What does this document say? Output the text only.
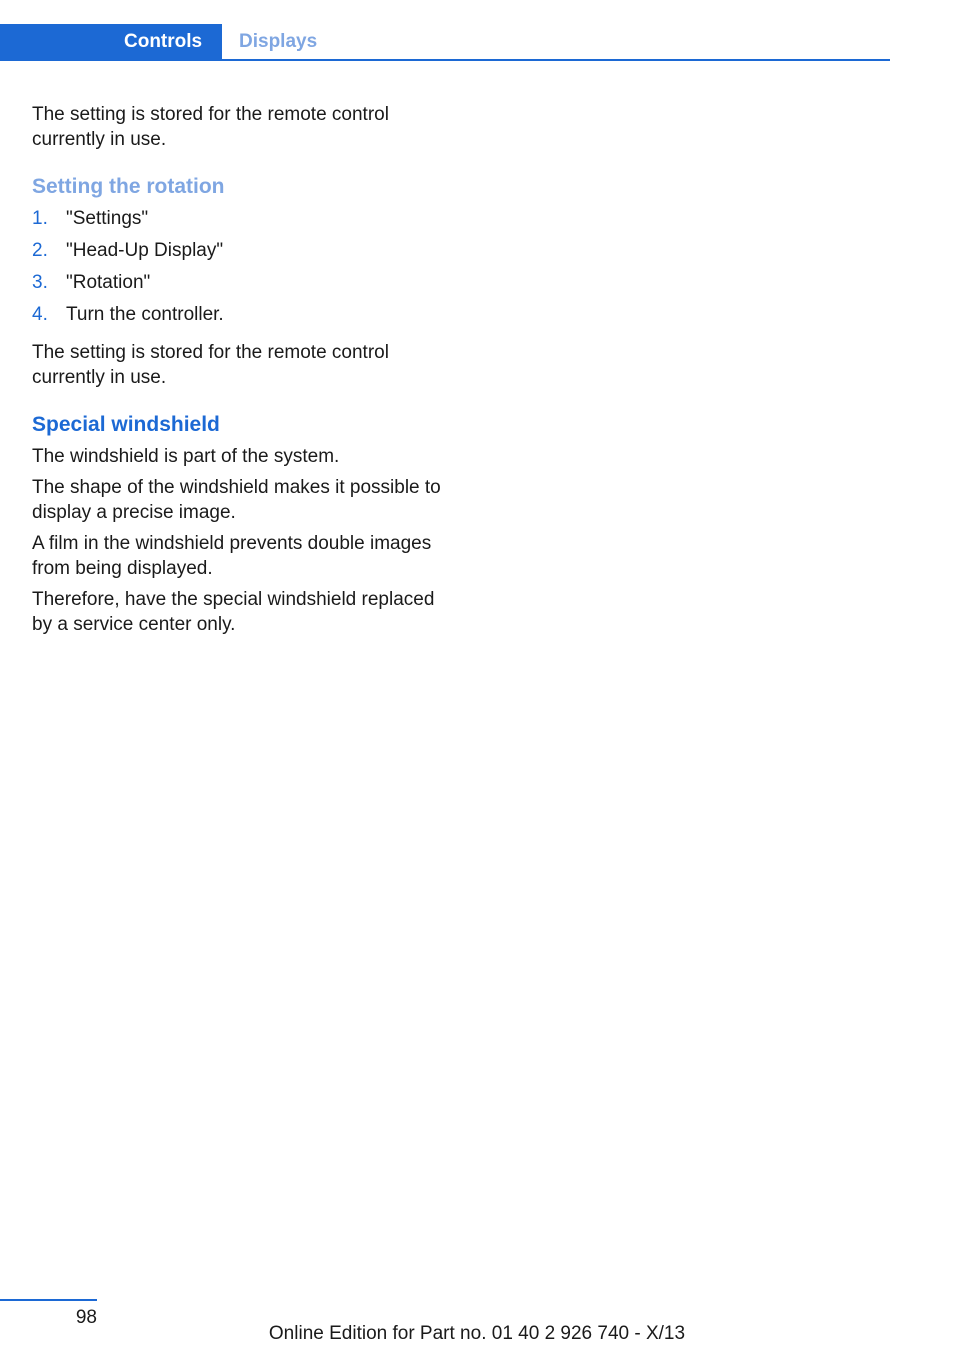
Controls Displays

The setting is stored for the remote control currently in use.

Setting the rotation
1. "Settings"
2. "Head-Up Display"
3. "Rotation"
4. Turn the controller.

The setting is stored for the remote control currently in use.

Special windshield

The windshield is part of the system.

The shape of the windshield makes it possible to display a precise image.

A film in the windshield prevents double images from being displayed.

Therefore, have the special windshield replaced by a service center only.

98
Online Edition for Part no. 01 40 2 926 740 - X/13
